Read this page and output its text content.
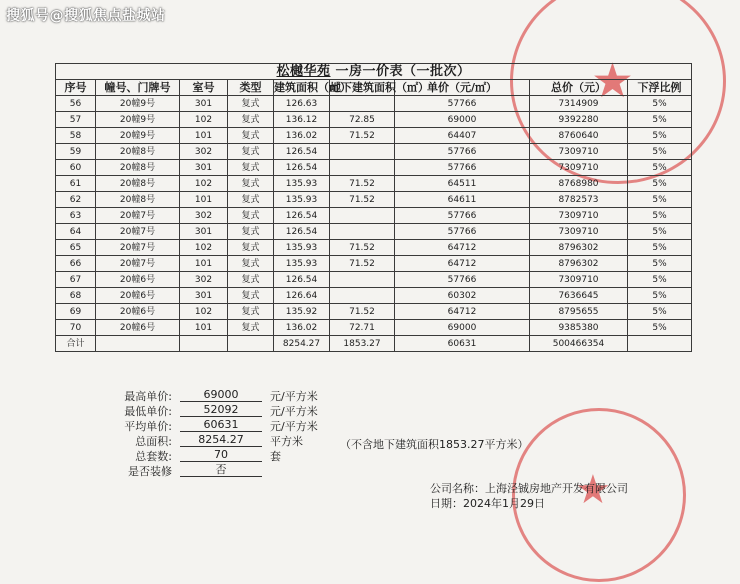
搜狐号@搜狐焦点盐城站
★
★
松樾华苑 一房一价表（一批次）								
序号	幢号、门牌号	室号	类型	建筑面积（㎡）	地下建筑面积（㎡）	单价（元/㎡）	总价（元）	下浮比例
56	20幢9号	301	复式	126.63		57766	7314909	5%
57	20幢9号	102	复式	136.12	72.85	69000	9392280	5%
58	20幢9号	101	复式	136.02	71.52	64407	8760640	5%
59	20幢8号	302	复式	126.54		57766	7309710	5%
60	20幢8号	301	复式	126.54		57766	7309710	5%
61	20幢8号	102	复式	135.93	71.52	64511	8768980	5%
62	20幢8号	101	复式	135.93	71.52	64611	8782573	5%
63	20幢7号	302	复式	126.54		57766	7309710	5%
64	20幢7号	301	复式	126.54		57766	7309710	5%
65	20幢7号	102	复式	135.93	71.52	64712	8796302	5%
66	20幢7号	101	复式	135.93	71.52	64712	8796302	5%
67	20幢6号	302	复式	126.54		57766	7309710	5%
68	20幢6号	301	复式	126.64		60302	7636645	5%
69	20幢6号	102	复式	135.92	71.52	64712	8795655	5%
70	20幢6号	101	复式	136.02	72.71	69000	9385380	5%
合计				8254.27	1853.27	60631	500466354	
最高单价:	69000	元/平方米
最低单价:	52092	元/平方米
平均单价:	60631	元/平方米
总面积:	8254.27	平方米
总套数:	70	套
是否装修	否
（不含地下建筑面积1853.27平方米）
公司名称：上海泾铖房地产开发有限公司
日期：2024年1月29日
